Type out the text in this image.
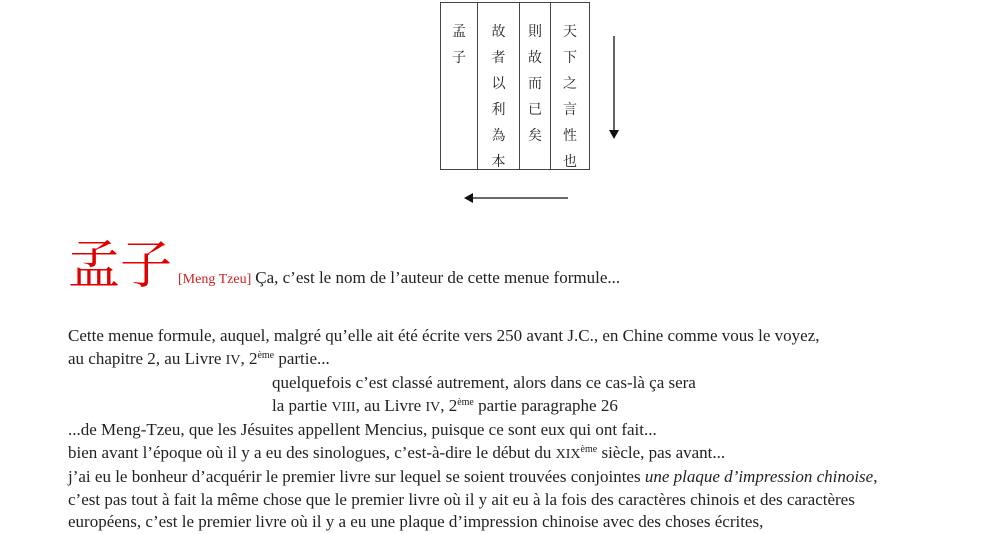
孟
子
故
者
以
利
為
本
則
故
而
已
矣
天
下
之
言
性
也
孟子 [Meng Tzeu] Ça, c’est le nom de l’auteur de cette menue formule...
Cette menue formule, auquel, malgré qu’elle ait été écrite vers 250 avant J.C., en Chine comme vous le voyez,
au chapitre 2, au Livre IV, 2ème partie...
quelquefois c’est classé autrement, alors dans ce cas-là ça sera
la partie VIII, au Livre IV, 2ème partie paragraphe 26
...de Meng-Tzeu, que les Jésuites appellent Mencius, puisque ce sont eux qui ont fait...
bien avant l’époque où il y a eu des sinologues, c’est-à-dire le début du XIXème siècle, pas avant...
j’ai eu le bonheur d’acquérir le premier livre sur lequel se soient trouvées conjointes une plaque d’impression chinoise,
c’est pas tout à fait la même chose que le premier livre où il y ait eu à la fois des caractères chinois et des caractères
européens, c’est le premier livre où il y a eu une plaque d’impression chinoise avec des choses écrites,
